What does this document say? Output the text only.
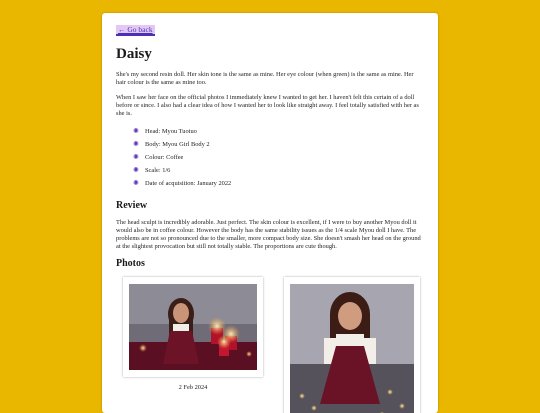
← Go back
Daisy

She's my second resin doll. Her skin tone is the same as mine. Her eye colour (when green) is the same as mine. Her hair colour is the same as mine too.

When I saw her face on the official photos I immediately knew I wanted to get her. I haven't felt this certain of a doll before or since. I also had a clear idea of how I wanted her to look like straight away. I feel totally satisfied with her as she is.

✺ Head: Myou Tuotuo
✺ Body: Myou Girl Body 2
✺ Colour: Coffee
✺ Scale: 1/6
✺ Date of acquisition: January 2022
Review

The head sculpt is incredibly adorable. Just perfect. The skin colour is excellent, if I were to buy another Myou doll it would also be in coffee colour. However the body has the same stability issues as the 1/4 scale Myou doll I have. The problems are not so pronounced due to the smaller, more compact body size. She doesn't smash her head on the ground at the slightest provocation but still not totally stable. The proportions are cute though.

Photos
2 Feb 2024
